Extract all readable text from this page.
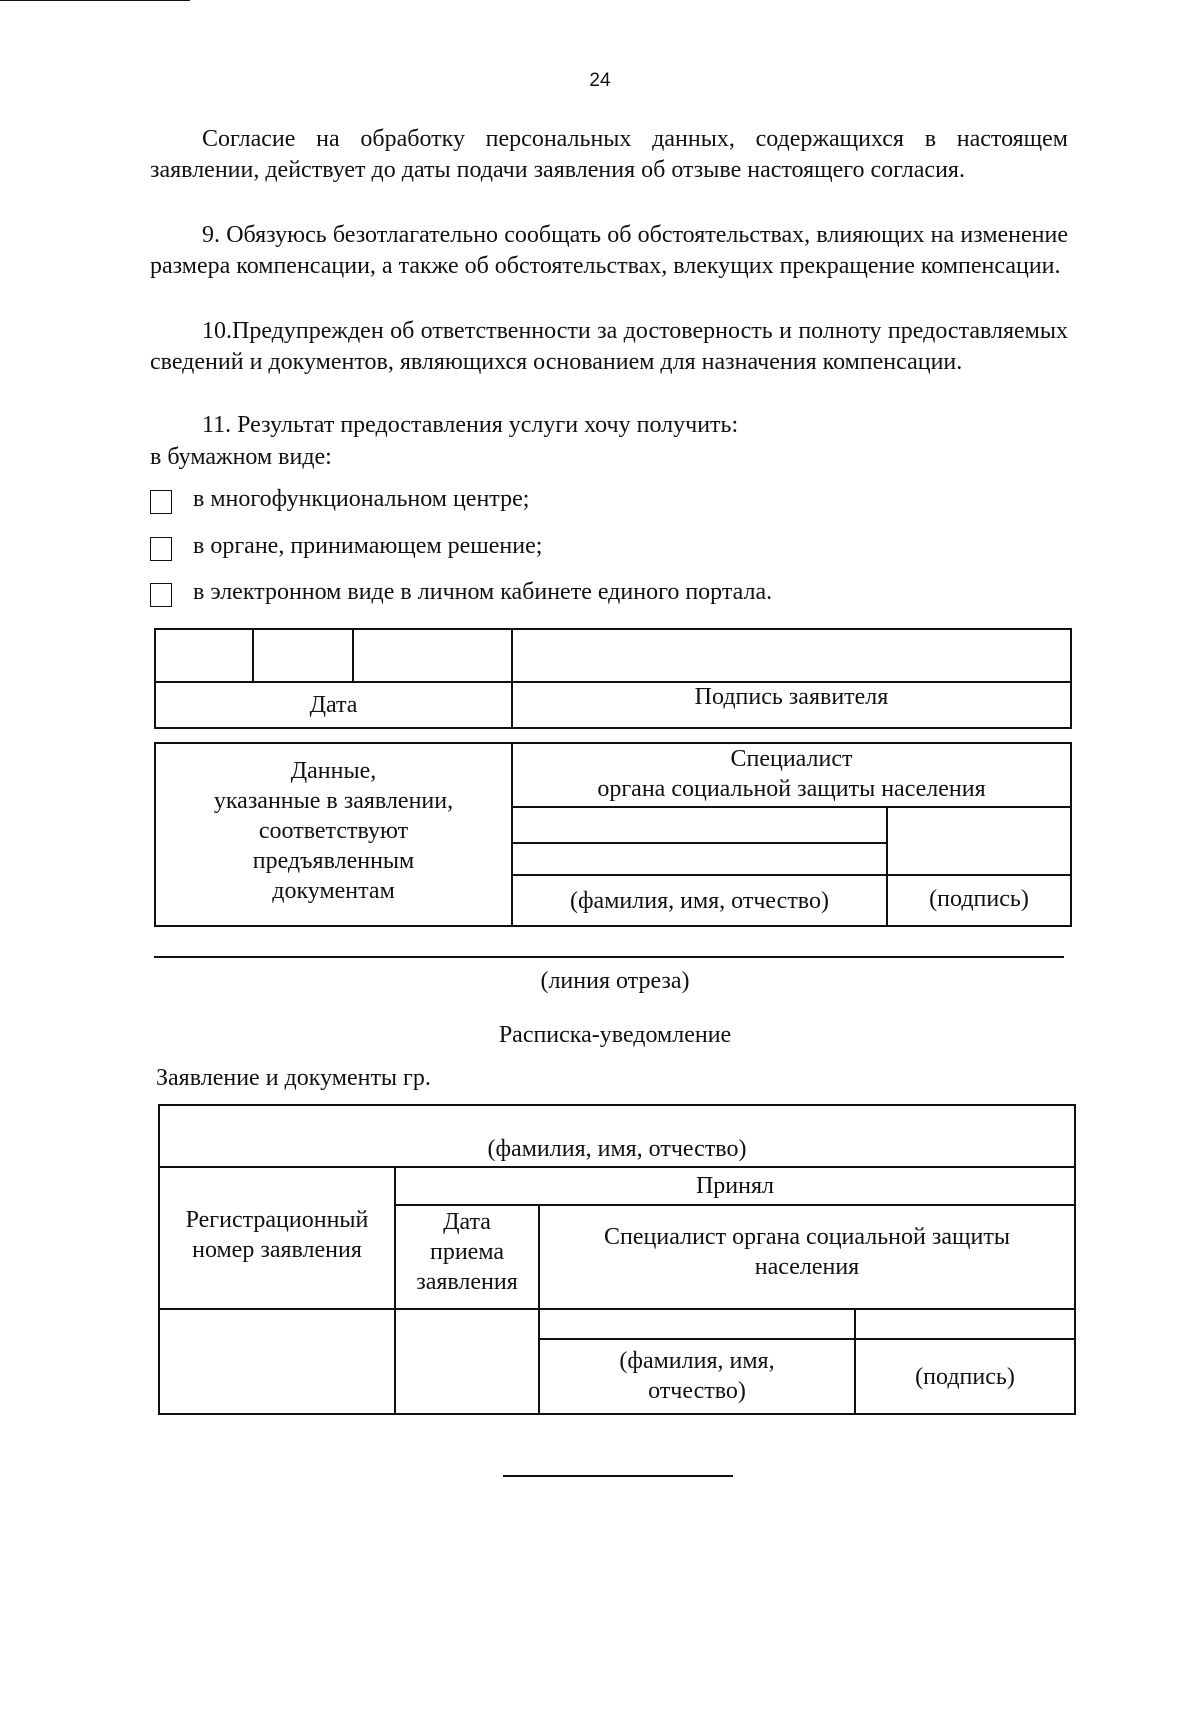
24
Согласие на обработку персональных данных, содержащихся в настоящем заявлении, действует до даты подачи заявления об отзыве настоящего согласия.
9. Обязуюсь безотлагательно сообщать об обстоятельствах, влияющих на изменение размера компенсации, а также об обстоятельствах, влекущих прекращение компенсации.
10.Предупрежден об ответственности за достоверность и полноту предоставляемых сведений и документов, являющихся основанием для назначения компенсации.
11. Результат предоставления услуги хочу получить:
в бумажном виде:
в многофункциональном центре;
в органе, принимающем решение;
в электронном виде в личном кабинете единого портала.
Дата	Подпись заявителя
Данные,
указанные в заявлении,
соответствуют
предъявленным
документам
Специалист
органа социальной защиты населения
(фамилия, имя, отчество)	(подпись)
(линия отреза)
Расписка-уведомление
Заявление и документы гр.
(фамилия, имя, отчество)
Регистрационный
номер заявления
Принял
Дата
приема
заявления
Специалист органа социальной защиты
населения
(фамилия, имя,
отчество)
(подпись)
